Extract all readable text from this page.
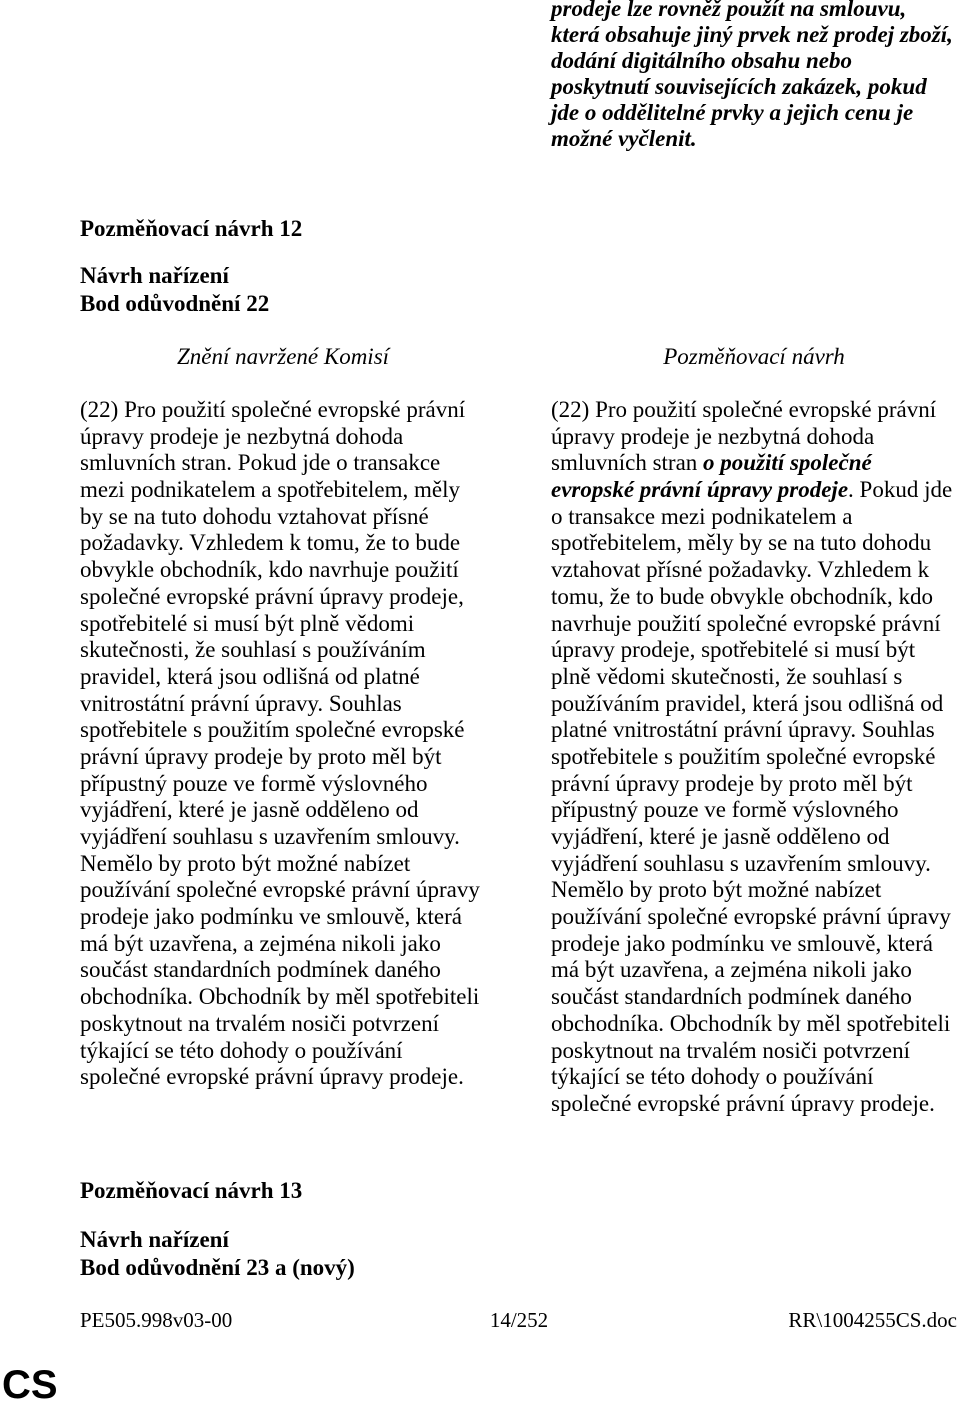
prodeje lze rovněž použít na smlouvu,
která obsahuje jiný prvek než prodej zboží,
dodání digitálního obsahu nebo
poskytnutí souvisejících zakázek, pokud
jde o oddělitelné prvky a jejich cenu je
možné vyčlenit.
Pozměňovací návrh 12
Návrh nařízení
Bod odůvodnění 22
Znění navržené Komisí	Pozměňovací návrh
(22) Pro použití společné evropské právní
úpravy prodeje je nezbytná dohoda
smluvních stran. Pokud jde o transakce
mezi podnikatelem a spotřebitelem, měly
by se na tuto dohodu vztahovat přísné
požadavky. Vzhledem k tomu, že to bude
obvykle obchodník, kdo navrhuje použití
společné evropské právní úpravy prodeje,
spotřebitelé si musí být plně vědomi
skutečnosti, že souhlasí s používáním
pravidel, která jsou odlišná od platné
vnitrostátní právní úpravy. Souhlas
spotřebitele s použitím společné evropské
právní úpravy prodeje by proto měl být
přípustný pouze ve formě výslovného
vyjádření, které je jasně odděleno od
vyjádření souhlasu s uzavřením smlouvy.
Nemělo by proto být možné nabízet
používání společné evropské právní úpravy
prodeje jako podmínku ve smlouvě, která
má být uzavřena, a zejména nikoli jako
součást standardních podmínek daného
obchodníka. Obchodník by měl spotřebiteli
poskytnout na trvalém nosiči potvrzení
týkající se této dohody o používání
společné evropské právní úpravy prodeje.
(22) Pro použití společné evropské právní
úpravy prodeje je nezbytná dohoda
smluvních stran o použití společné
evropské právní úpravy prodeje. Pokud jde
o transakce mezi podnikatelem a
spotřebitelem, měly by se na tuto dohodu
vztahovat přísné požadavky. Vzhledem k
tomu, že to bude obvykle obchodník, kdo
navrhuje použití společné evropské právní
úpravy prodeje, spotřebitelé si musí být
plně vědomi skutečnosti, že souhlasí s
používáním pravidel, která jsou odlišná od
platné vnitrostátní právní úpravy. Souhlas
spotřebitele s použitím společné evropské
právní úpravy prodeje by proto měl být
přípustný pouze ve formě výslovného
vyjádření, které je jasně odděleno od
vyjádření souhlasu s uzavřením smlouvy.
Nemělo by proto být možné nabízet
používání společné evropské právní úpravy
prodeje jako podmínku ve smlouvě, která
má být uzavřena, a zejména nikoli jako
součást standardních podmínek daného
obchodníka. Obchodník by měl spotřebiteli
poskytnout na trvalém nosiči potvrzení
týkající se této dohody o používání
společné evropské právní úpravy prodeje.
Pozměňovací návrh 13
Návrh nařízení
Bod odůvodnění 23 a (nový)
PE505.998v03-00	14/252	RR\1004255CS.doc
CS
